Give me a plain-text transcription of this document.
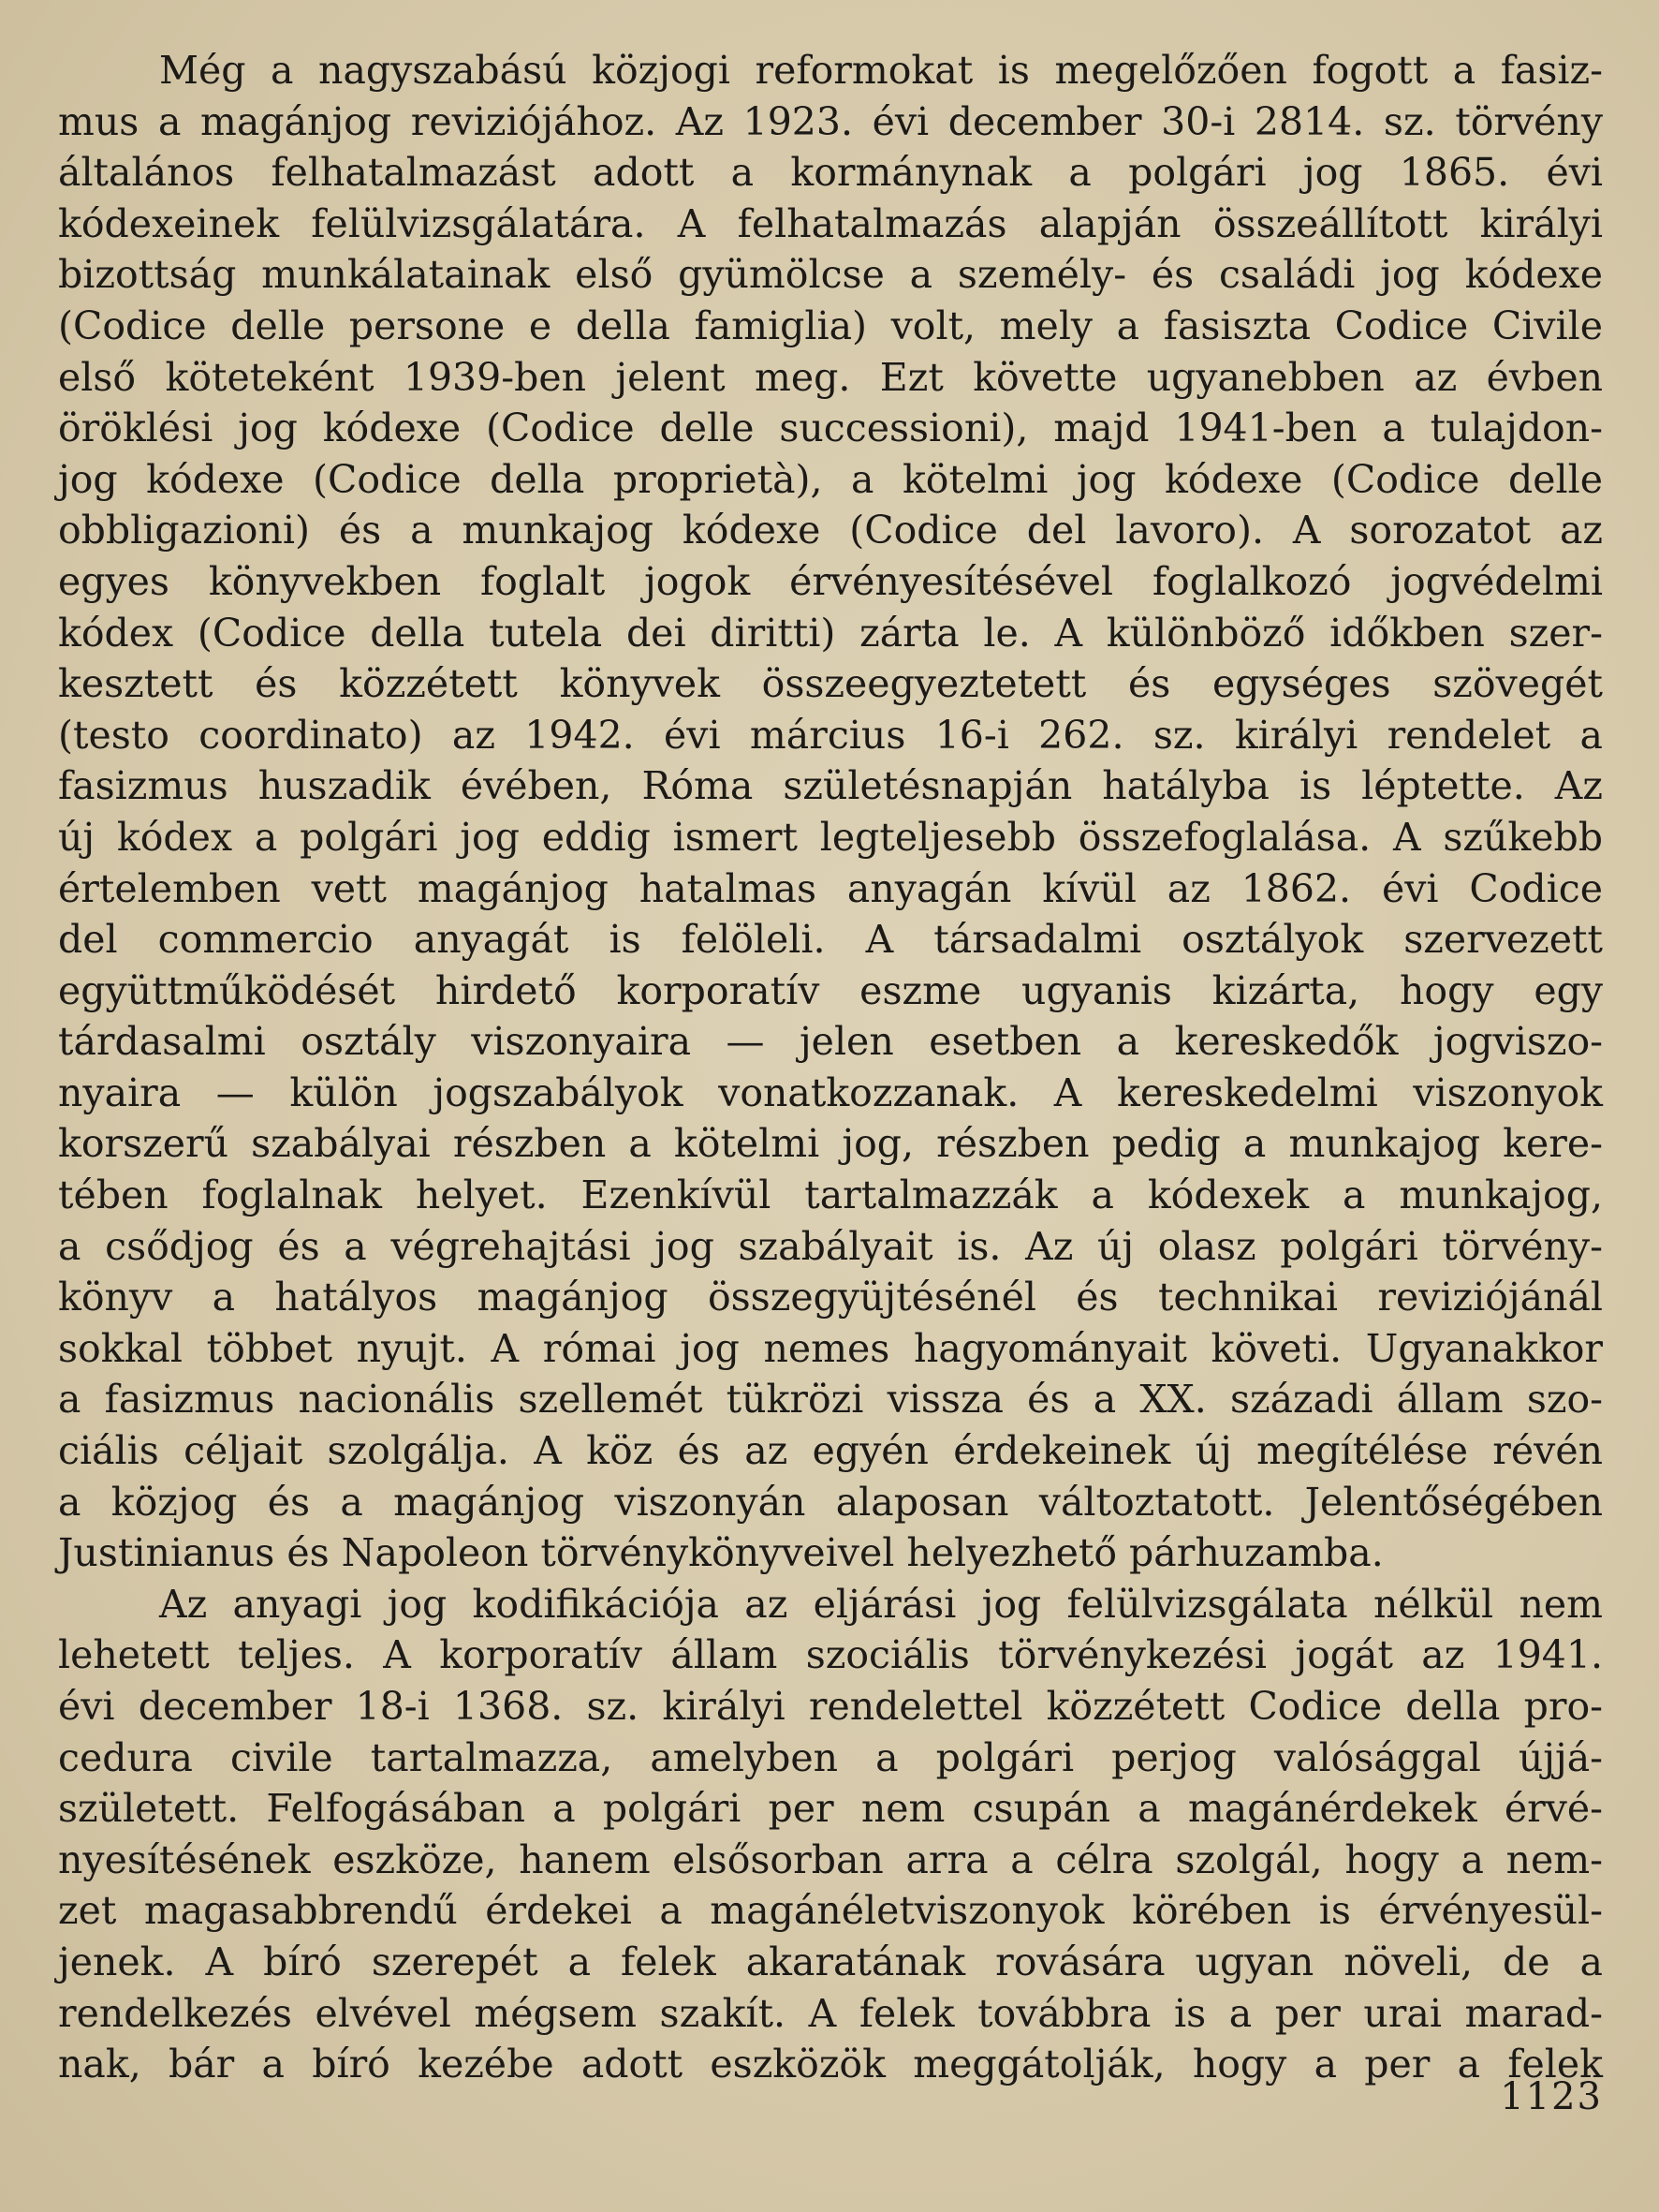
Még a nagyszabású közjogi reformokat is megelőzően fogott a fasiz-
mus a magánjog reviziójához. Az 1923. évi december 30-i 2814. sz. törvény
általános felhatalmazást adott a kormánynak a polgári jog 1865. évi
kódexeinek felülvizsgálatára. A felhatalmazás alapján összeállított királyi
bizottság munkálatainak első gyümölcse a személy- és családi jog kódexe
(Codice delle persone e della famiglia) volt, mely a fasiszta Codice Civile
első köteteként 1939-ben jelent meg. Ezt követte ugyanebben az évben
öröklési jog kódexe (Codice delle successioni), majd 1941-ben a tulajdon-
jog kódexe (Codice della proprietà), a kötelmi jog kódexe (Codice delle
obbligazioni) és a munkajog kódexe (Codice del lavoro). A sorozatot az
egyes könyvekben foglalt jogok érvényesítésével foglalkozó jogvédelmi
kódex (Codice della tutela dei diritti) zárta le. A különböző időkben szer-
kesztett és közzétett könyvek összeegyeztetett és egységes szövegét
(testo coordinato) az 1942. évi március 16-i 262. sz. királyi rendelet a
fasizmus huszadik évében, Róma születésnapján hatályba is léptette. Az
új kódex a polgári jog eddig ismert legteljesebb összefoglalása. A szűkebb
értelemben vett magánjog hatalmas anyagán kívül az 1862. évi Codice
del commercio anyagát is felöleli. A társadalmi osztályok szervezett
együttműködését hirdető korporatív eszme ugyanis kizárta, hogy egy
tárdasalmi osztály viszonyaira — jelen esetben a kereskedők jogviszo-
nyaira — külön jogszabályok vonatkozzanak. A kereskedelmi viszonyok
korszerű szabályai részben a kötelmi jog, részben pedig a munkajog kere-
tében foglalnak helyet. Ezenkívül tartalmazzák a kódexek a munkajog,
a csődjog és a végrehajtási jog szabályait is. Az új olasz polgári törvény-
könyv a hatályos magánjog összegyüjtésénél és technikai reviziójánál
sokkal többet nyujt. A római jog nemes hagyományait követi. Ugyanakkor
a fasizmus nacionális szellemét tükrözi vissza és a XX. századi állam szo-
ciális céljait szolgálja. A köz és az egyén érdekeinek új megítélése révén
a közjog és a magánjog viszonyán alaposan változtatott. Jelentőségében
Justinianus és Napoleon törvénykönyveivel helyezhető párhuzamba.
Az anyagi jog kodifikációja az eljárási jog felülvizsgálata nélkül nem
lehetett teljes. A korporatív állam szociális törvénykezési jogát az 1941.
évi december 18-i 1368. sz. királyi rendelettel közzétett Codice della pro-
cedura civile tartalmazza, amelyben a polgári perjog valósággal újjá-
született. Felfogásában a polgári per nem csupán a magánérdekek érvé-
nyesítésének eszköze, hanem elsősorban arra a célra szolgál, hogy a nem-
zet magasabbrendű érdekei a magánéletviszonyok körében is érvényesül-
jenek. A bíró szerepét a felek akaratának rovására ugyan növeli, de a
rendelkezés elvével mégsem szakít. A felek továbbra is a per urai marad-
nak, bár a bíró kezébe adott eszközök meggátolják, hogy a per a felek
1123
